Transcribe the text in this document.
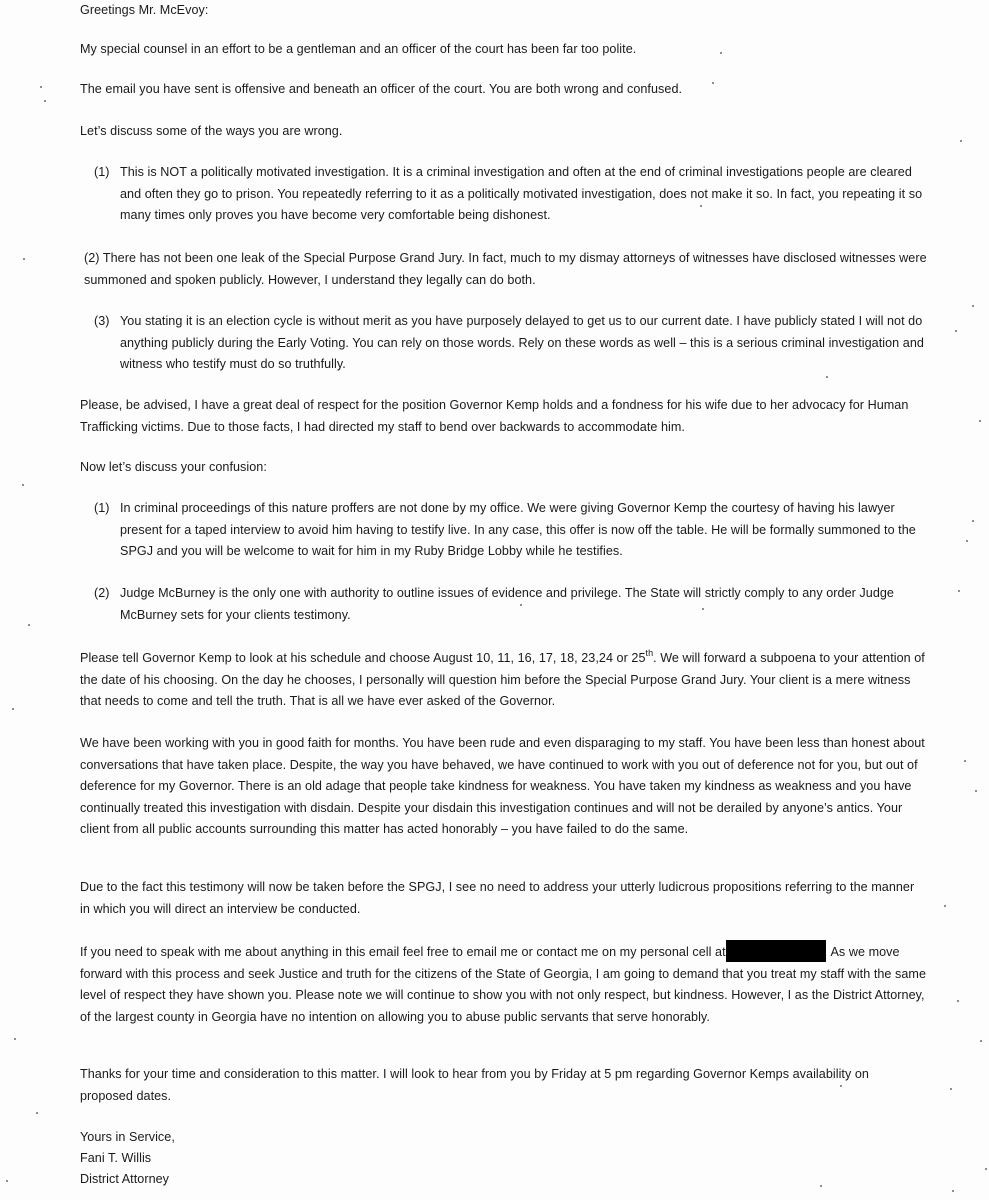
Greetings Mr. McEvoy:

My special counsel in an effort to be a gentleman and an officer of the court has been far too polite.

The email you have sent is offensive and beneath an officer of the court. You are both wrong and confused.

Let’s discuss some of the ways you are wrong.

(1) This is NOT a politically motivated investigation. It is a criminal investigation and often at the end of criminal investigations people are cleared and often they go to prison. You repeatedly referring to it as a politically motivated investigation, does not make it so. In fact, you repeating it so many times only proves you have become very comfortable being dishonest.
(2) There has not been one leak of the Special Purpose Grand Jury. In fact, much to my dismay attorneys of witnesses have disclosed witnesses were summoned and spoken publicly. However, I understand they legally can do both.
(3) You stating it is an election cycle is without merit as you have purposely delayed to get us to our current date. I have publicly stated I will not do anything publicly during the Early Voting. You can rely on those words. Rely on these words as well – this is a serious criminal investigation and witness who testify must do so truthfully.

Please, be advised, I have a great deal of respect for the position Governor Kemp holds and a fondness for his wife due to her advocacy for Human Trafficking victims. Due to those facts, I had directed my staff to bend over backwards to accommodate him.

Now let’s discuss your confusion:

(1) In criminal proceedings of this nature proffers are not done by my office. We were giving Governor Kemp the courtesy of having his lawyer present for a taped interview to avoid him having to testify live. In any case, this offer is now off the table. He will be formally summoned to the SPGJ and you will be welcome to wait for him in my Ruby Bridge Lobby while he testifies.
(2) Judge McBurney is the only one with authority to outline issues of evidence and privilege. The State will strictly comply to any order Judge McBurney sets for your clients testimony.

Please tell Governor Kemp to look at his schedule and choose August 10, 11, 16, 17, 18, 23,24 or 25th. We will forward a subpoena to your attention of the date of his choosing. On the day he chooses, I personally will question him before the Special Purpose Grand Jury. Your client is a mere witness that needs to come and tell the truth. That is all we have ever asked of the Governor.

We have been working with you in good faith for months. You have been rude and even disparaging to my staff. You have been less than honest about conversations that have taken place. Despite, the way you have behaved, we have continued to work with you out of deference not for you, but out of deference for my Governor. There is an old adage that people take kindness for weakness. You have taken my kindness as weakness and you have continually treated this investigation with disdain. Despite your disdain this investigation continues and will not be derailed by anyone’s antics. Your client from all public accounts surrounding this matter has acted honorably – you have failed to do the same.

Due to the fact this testimony will now be taken before the SPGJ, I see no need to address your utterly ludicrous propositions referring to the manner in which you will direct an interview be conducted.

If you need to speak with me about anything in this email feel free to email me or contact me on my personal cell at	As we move forward with this process and seek Justice and truth for the citizens of the State of Georgia, I am going to demand that you treat my staff with the same level of respect they have shown you. Please note we will continue to show you with not only respect, but kindness. However, I as the District Attorney, of the largest county in Georgia have no intention on allowing you to abuse public servants that serve honorably.

Thanks for your time and consideration to this matter. I will look to hear from you by Friday at 5 pm regarding Governor Kemps availability on proposed dates.

Yours in Service,

Fani T. Willis

District Attorney
